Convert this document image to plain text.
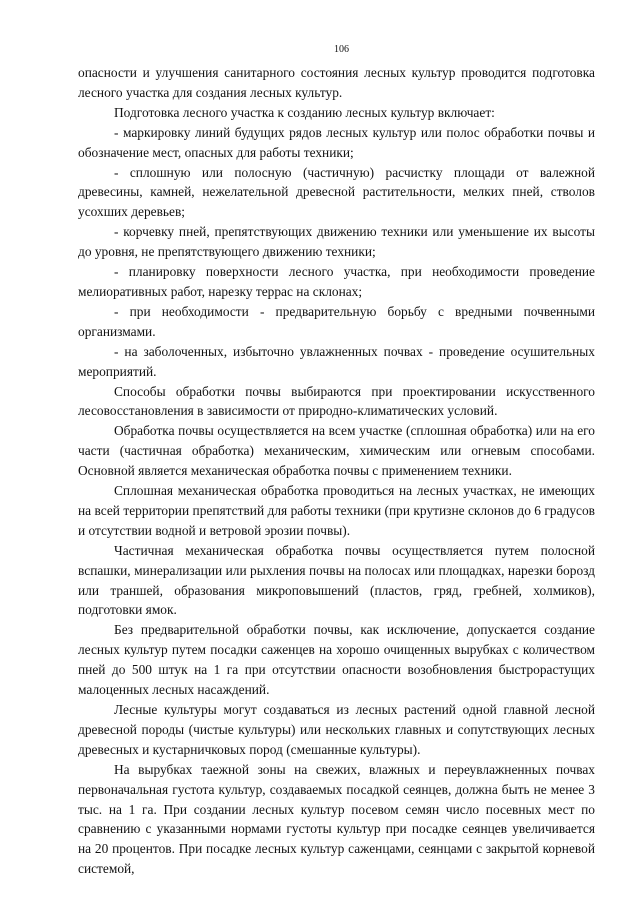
106

опасности и улучшения санитарного состояния лесных культур проводится подготовка лесного участка для создания лесных культур.

Подготовка лесного участка к созданию лесных культур включает:

- маркировку линий будущих рядов лесных культур или полос обработки почвы и обозначение мест, опасных для работы техники;

- сплошную или полосную (частичную) расчистку площади от валежной древесины, камней, нежелательной древесной растительности, мелких пней, стволов усохших деревьев;

- корчевку пней, препятствующих движению техники или уменьшение их высоты до уровня, не препятствующего движению техники;

- планировку поверхности лесного участка, при необходимости проведение мелиоративных работ, нарезку террас на склонах;

- при необходимости - предварительную борьбу с вредными почвенными организмами.

- на заболоченных, избыточно увлажненных почвах - проведение осушительных мероприятий.

Способы обработки почвы выбираются при проектировании искусственного лесовосстановления в зависимости от природно-климатических условий.

Обработка почвы осуществляется на всем участке (сплошная обработка) или на его части (частичная обработка) механическим, химическим или огневым способами. Основной является механическая обработка почвы с применением техники.

Сплошная механическая обработка проводиться на лесных участках, не имеющих на всей территории препятствий для работы техники (при крутизне склонов до 6 градусов и отсутствии водной и ветровой эрозии почвы).

Частичная механическая обработка почвы осуществляется путем полосной вспашки, минерализации или рыхления почвы на полосах или площадках, нарезки борозд или траншей, образования микроповышений (пластов, гряд, гребней, холмиков), подготовки ямок.

Без предварительной обработки почвы, как исключение, допускается создание лесных культур путем посадки саженцев на хорошо очищенных вырубках с количеством пней до 500 штук на 1 га при отсутствии опасности возобновления быстрорастущих малоценных лесных насаждений.

Лесные культуры могут создаваться из лесных растений одной главной лесной древесной породы (чистые культуры) или нескольких главных и сопутствующих лесных древесных и кустарничковых пород (смешанные культуры).

На вырубках таежной зоны на свежих, влажных и переувлажненных почвах первоначальная густота культур, создаваемых посадкой сеянцев, должна быть не менее 3 тыс. на 1 га. При создании лесных культур посевом семян число посевных мест по сравнению с указанными нормами густоты культур при посадке сеянцев увеличивается на 20 процентов. При посадке лесных культур саженцами, сеянцами с закрытой корневой системой,
